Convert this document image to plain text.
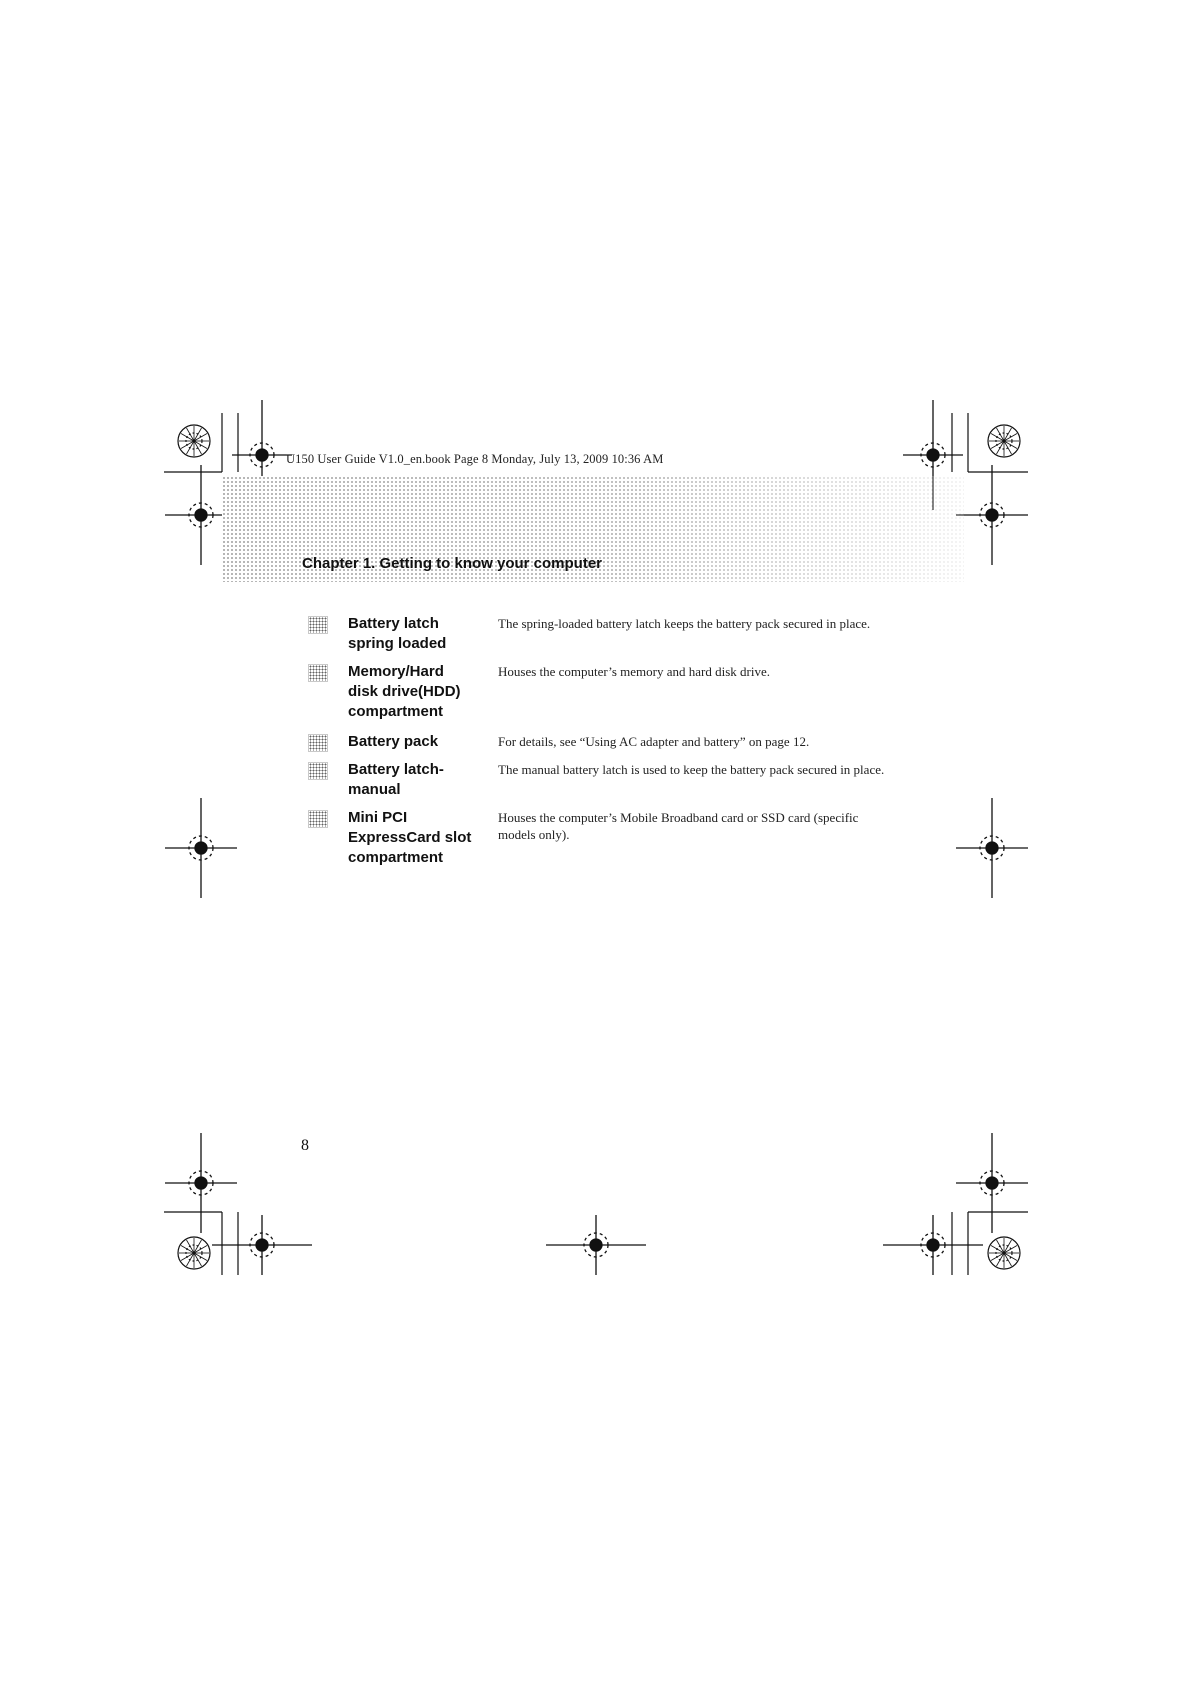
U150 User Guide V1.0_en.book Page 8 Monday, July 13, 2009 10:36 AM
Chapter 1. Getting to know your computer
Battery latch spring loaded
The spring-loaded battery latch keeps the battery pack secured in place.
Memory/Hard disk drive(HDD) compartment
Houses the computer’s memory and hard disk drive.
Battery pack	For details, see “Using AC adapter and battery” on page 12.
Battery latch-manual
The manual battery latch is used to keep the battery pack secured in place.
Mini PCI ExpressCard slot compartment
Houses the computer’s Mobile Broadband card or SSD card (specific models only).
8
